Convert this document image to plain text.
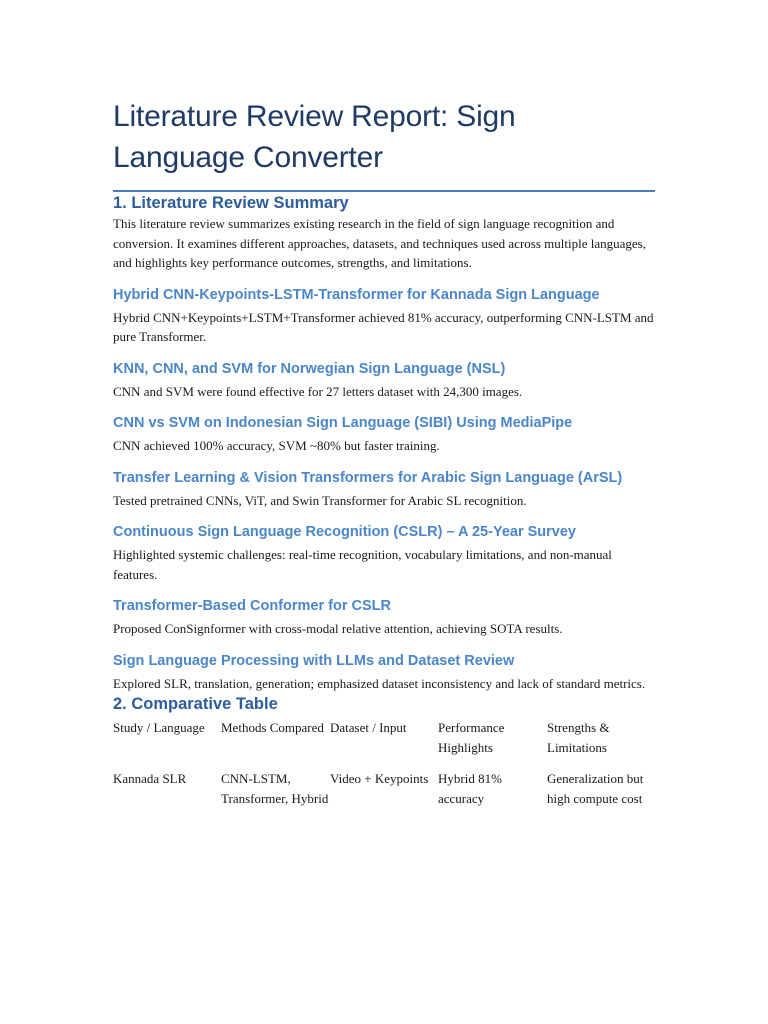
Literature Review Report: Sign Language Converter
1. Literature Review Summary

This literature review summarizes existing research in the field of sign language recognition and conversion. It examines different approaches, datasets, and techniques used across multiple languages, and highlights key performance outcomes, strengths, and limitations.

Hybrid CNN-Keypoints-LSTM-Transformer for Kannada Sign Language

Hybrid CNN+Keypoints+LSTM+Transformer achieved 81% accuracy, outperforming CNN-LSTM and pure Transformer.

KNN, CNN, and SVM for Norwegian Sign Language (NSL)

CNN and SVM were found effective for 27 letters dataset with 24,300 images.

CNN vs SVM on Indonesian Sign Language (SIBI) Using MediaPipe

CNN achieved 100% accuracy, SVM ~80% but faster training.

Transfer Learning & Vision Transformers for Arabic Sign Language (ArSL)

Tested pretrained CNNs, ViT, and Swin Transformer for Arabic SL recognition.

Continuous Sign Language Recognition (CSLR) – A 25-Year Survey

Highlighted systemic challenges: real-time recognition, vocabulary limitations, and non-manual features.

Transformer-Based Conformer for CSLR

Proposed ConSignformer with cross-modal relative attention, achieving SOTA results.

Sign Language Processing with LLMs and Dataset Review

Explored SLR, translation, generation; emphasized dataset inconsistency and lack of standard metrics.

2. Comparative Table
Study / Language	Methods Compared	Dataset / Input	Performance Highlights	Strengths & Limitations
Kannada SLR	CNN-LSTM, Transformer, Hybrid	Video + Keypoints	Hybrid 81% accuracy	Generalization but high compute cost
